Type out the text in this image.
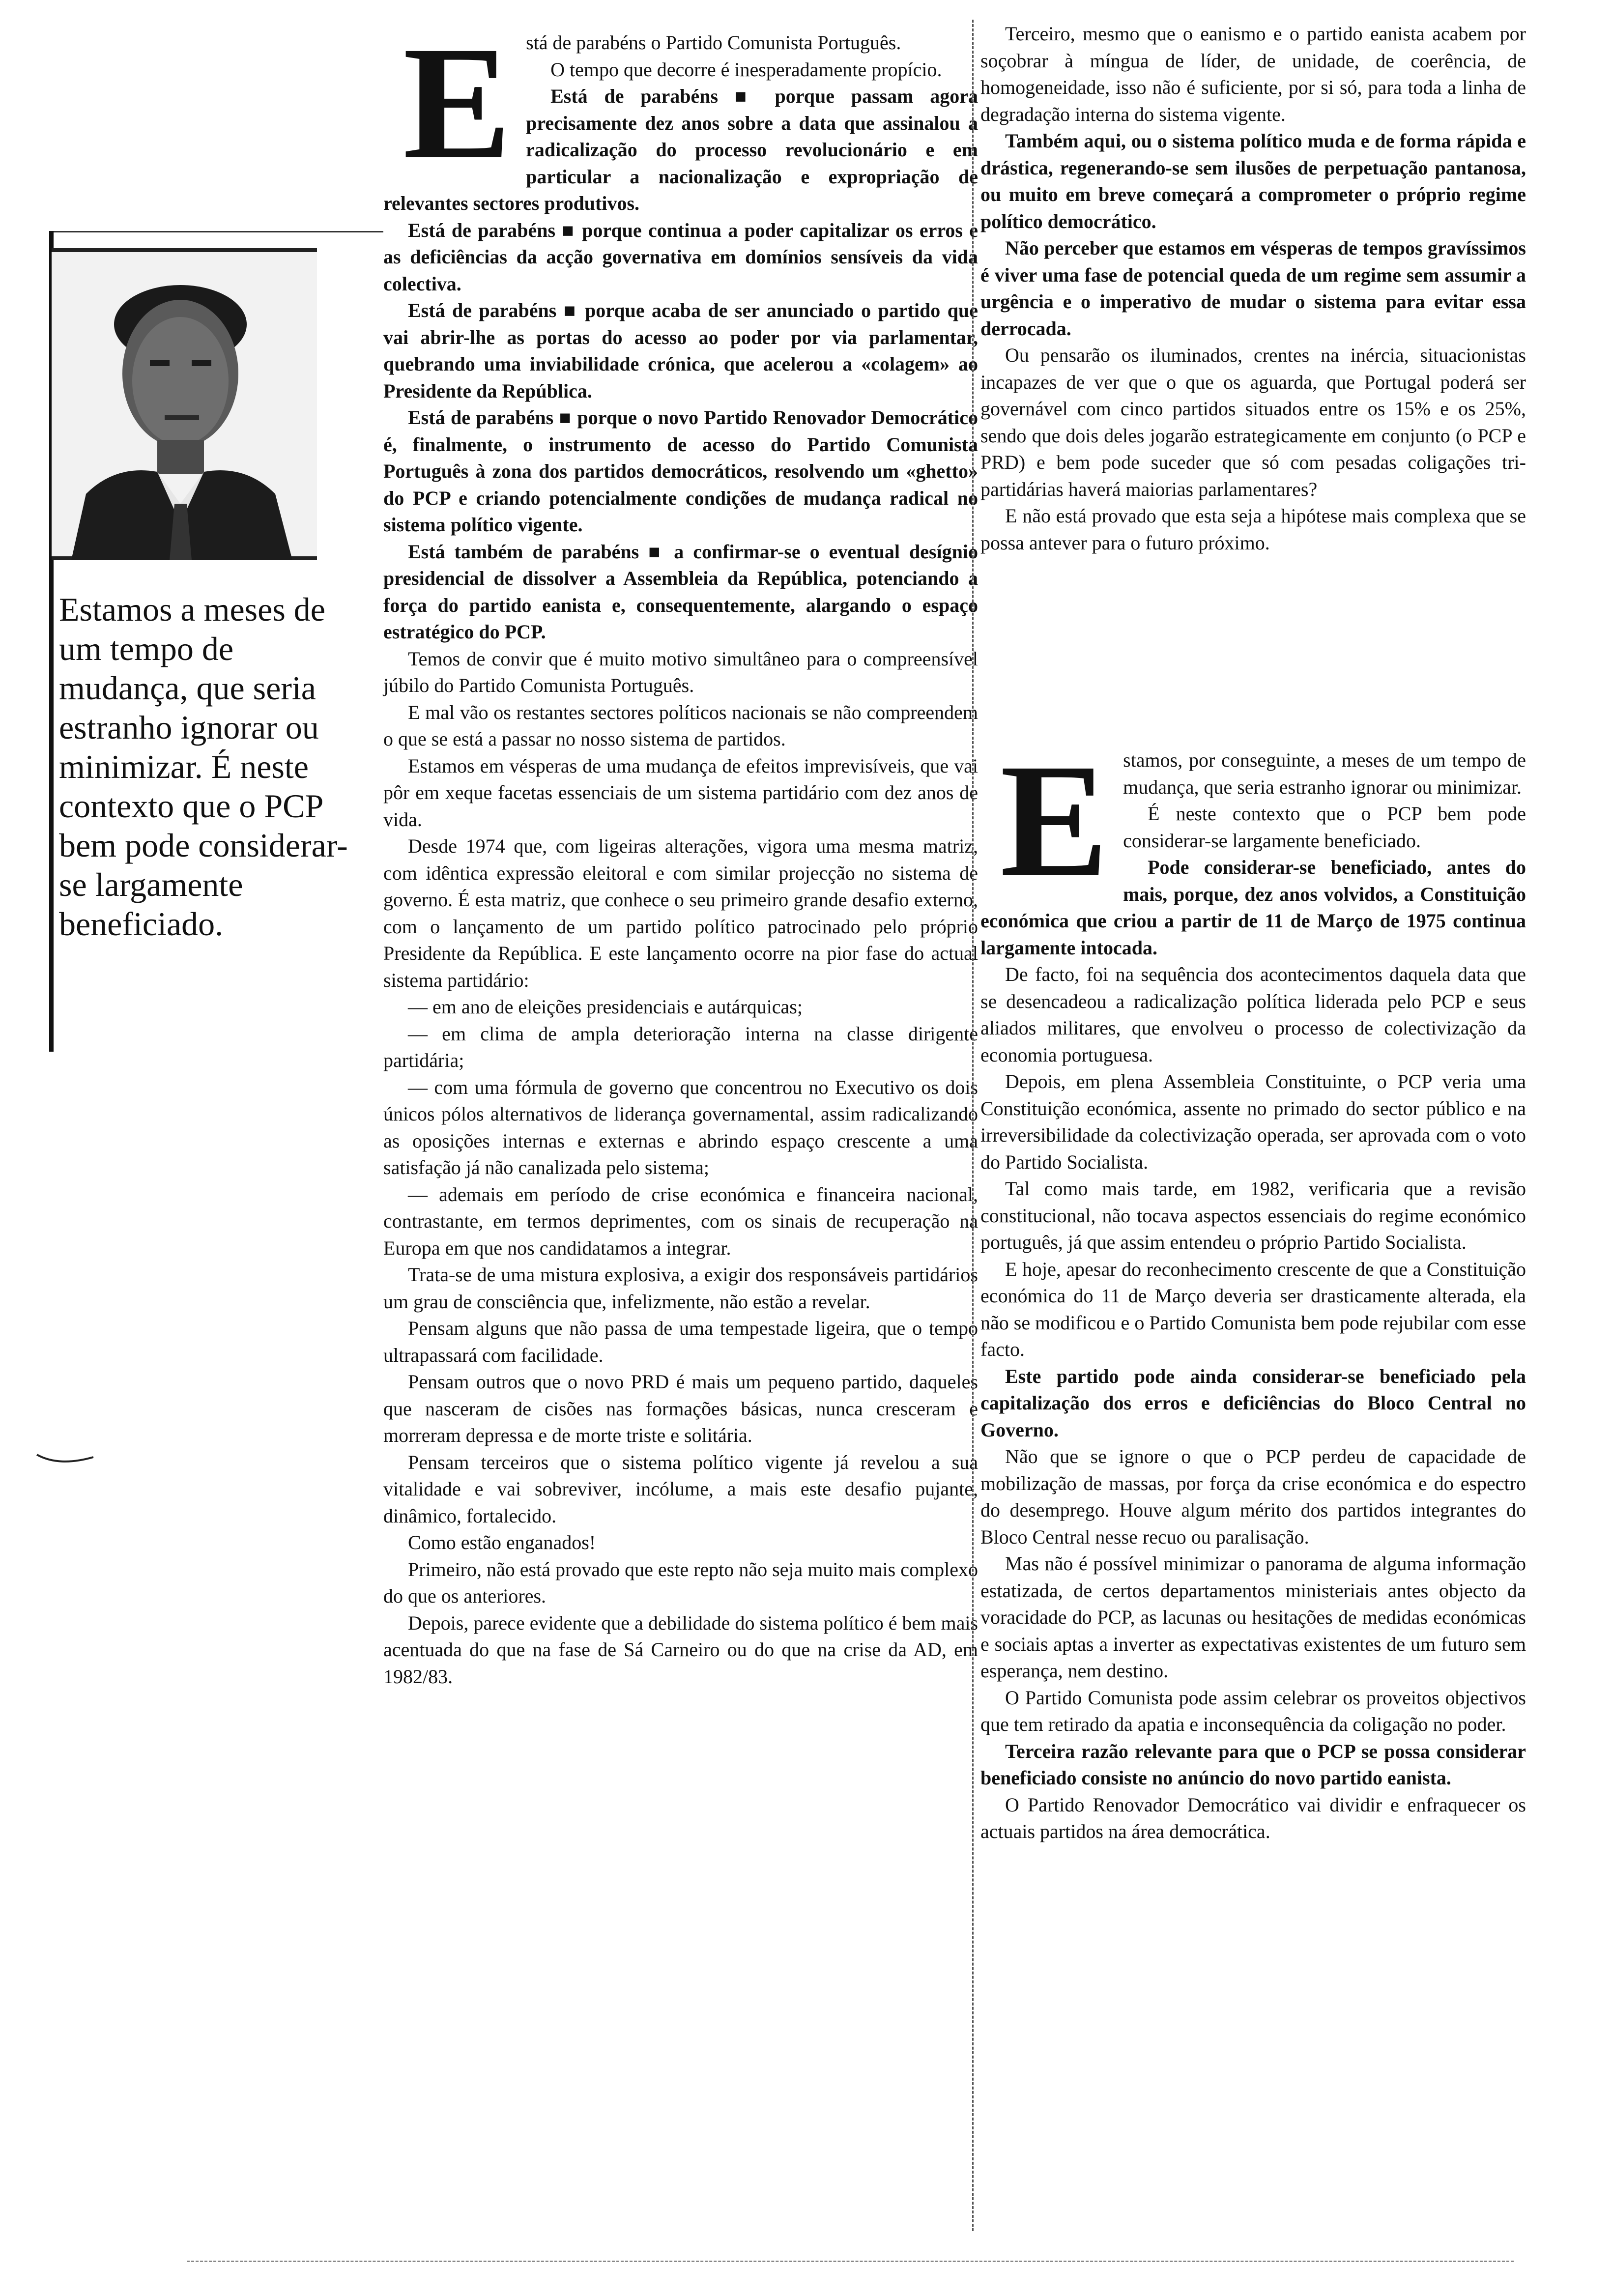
E stá de parabéns o Partido Comunista Português.

O tempo que decorre é inesperadamente propício.

Está de parabéns ■ porque passam agora precisamente dez anos sobre a data que assinalou a radicalização do processo revolucionário e em particular a nacionalização e expropriação de relevantes sectores produtivos.

Está de parabéns ■ porque continua a poder capitalizar os erros e as deficiências da acção governativa em domínios sensíveis da vida colectiva.

Está de parabéns ■ porque acaba de ser anunciado o partido que vai abrir-lhe as portas do acesso ao poder por via parlamentar, quebrando uma inviabilidade crónica, que acelerou a «colagem» ao Presidente da República.

Está de parabéns ■ porque o novo Partido Renovador Democrático é, finalmente, o instrumento de acesso do Partido Comunista Português à zona dos partidos democráticos, resolvendo um «ghetto» do PCP e criando potencialmente condições de mudança radical no sistema político vigente.

Está também de parabéns ■ a confirmar-se o eventual desígnio presidencial de dissolver a Assembleia da República, potenciando a força do partido eanista e, consequentemente, alargando o espaço estratégico do PCP.

Temos de convir que é muito motivo simultâneo para o compreensível júbilo do Partido Comunista Português.

E mal vão os restantes sectores políticos nacionais se não compreendem o que se está a passar no nosso sistema de partidos.

Estamos em vésperas de uma mudança de efeitos imprevisíveis, que vai pôr em xeque facetas essenciais de um sistema partidário com dez anos de vida.

Desde 1974 que, com ligeiras alterações, vigora uma mesma matriz, com idêntica expressão eleitoral e com similar projecção no sistema de governo. É esta matriz, que conhece o seu primeiro grande desafio externo, com o lançamento de um partido político patrocinado pelo próprio Presidente da República. E este lançamento ocorre na pior fase do actual sistema partidário:

— em ano de eleições presidenciais e autárquicas;

— em clima de ampla deterioração interna na classe dirigente partidária;

— com uma fórmula de governo que concentrou no Executivo os dois únicos pólos alternativos de liderança governamental, assim radicalizando as oposições internas e externas e abrindo espaço crescente a uma satisfação já não canalizada pelo sistema;

— ademais em período de crise económica e financeira nacional, contrastante, em termos deprimentes, com os sinais de recuperação na Europa em que nos candidatamos a integrar.

Trata-se de uma mistura explosiva, a exigir dos responsáveis partidários um grau de consciência que, infelizmente, não estão a revelar.

Pensam alguns que não passa de uma tempestade ligeira, que o tempo ultrapassará com facilidade.

Pensam outros que o novo PRD é mais um pequeno partido, daqueles que nasceram de cisões nas formações básicas, nunca cresceram e morreram depressa e de morte triste e solitária.

Pensam terceiros que o sistema político vigente já revelou a sua vitalidade e vai sobreviver, incólume, a mais este desafio pujante, dinâmico, fortalecido.

Como estão enganados!

Primeiro, não está provado que este repto não seja muito mais complexo do que os anteriores.

Depois, parece evidente que a debilidade do sistema político é bem mais acentuada do que na fase de Sá Carneiro ou do que na crise da AD, em 1982/83.

Terceiro, mesmo que o eanismo e o partido eanista acabem por soçobrar à míngua de líder, de unidade, de coerência, de homogeneidade, isso não é suficiente, por si só, para toda a linha de degradação interna do sistema vigente.

Também aqui, ou o sistema político muda e de forma rápida e drástica, regenerando-se sem ilusões de perpetuação pantanosa, ou muito em breve começará a comprometer o próprio regime político democrático.

Não perceber que estamos em vésperas de tempos gravíssimos é viver uma fase de potencial queda de um regime sem assumir a urgência e o imperativo de mudar o sistema para evitar essa derrocada.

Ou pensarão os iluminados, crentes na inércia, situacionistas incapazes de ver que o que os aguarda, que Portugal poderá ser governável com cinco partidos situados entre os 15% e os 25%, sendo que dois deles jogarão estrategicamente em conjunto (o PCP e PRD) e bem pode suceder que só com pesadas coligações tri-partidárias haverá maiorias parlamentares?

E não está provado que esta seja a hipótese mais complexa que se possa antever para o futuro próximo.

E stamos, por conseguinte, a meses de um tempo de mudança, que seria estranho ignorar ou minimizar.

É neste contexto que o PCP bem pode considerar-se largamente beneficiado.

Pode considerar-se beneficiado, antes do mais, porque, dez anos volvidos, a Constituição económica que criou a partir de 11 de Março de 1975 continua largamente intocada.

De facto, foi na sequência dos acontecimentos daquela data que se desencadeou a radicalização política liderada pelo PCP e seus aliados militares, que envolveu o processo de colectivização da economia portuguesa.

Depois, em plena Assembleia Constituinte, o PCP veria uma Constituição económica, assente no primado do sector público e na irreversibilidade da colectivização operada, ser aprovada com o voto do Partido Socialista.

Tal como mais tarde, em 1982, verificaria que a revisão constitucional, não tocava aspectos essenciais do regime económico português, já que assim entendeu o próprio Partido Socialista.

E hoje, apesar do reconhecimento crescente de que a Constituição económica do 11 de Março deveria ser drasticamente alterada, ela não se modificou e o Partido Comunista bem pode rejubilar com esse facto.

Este partido pode ainda considerar-se beneficiado pela capitalização dos erros e deficiências do Bloco Central no Governo.

Não que se ignore o que o PCP perdeu de capacidade de mobilização de massas, por força da crise económica e do espectro do desemprego. Houve algum mérito dos partidos integrantes do Bloco Central nesse recuo ou paralisação.

Mas não é possível minimizar o panorama de alguma informação estatizada, de certos departamentos ministeriais antes objecto da voracidade do PCP, as lacunas ou hesitações de medidas económicas e sociais aptas a inverter as expectativas existentes de um futuro sem esperança, nem destino.

O Partido Comunista pode assim celebrar os proveitos objectivos que tem retirado da apatia e inconsequência da coligação no poder.

Terceira razão relevante para que o PCP se possa considerar beneficiado consiste no anúncio do novo partido eanista.

O Partido Renovador Democrático vai dividir e enfraquecer os actuais partidos na área democrática.

Estamos a meses de um tempo de mudança, que seria estranho ignorar ou minimizar. É neste contexto que o PCP bem pode considerar-se largamente beneficiado.
